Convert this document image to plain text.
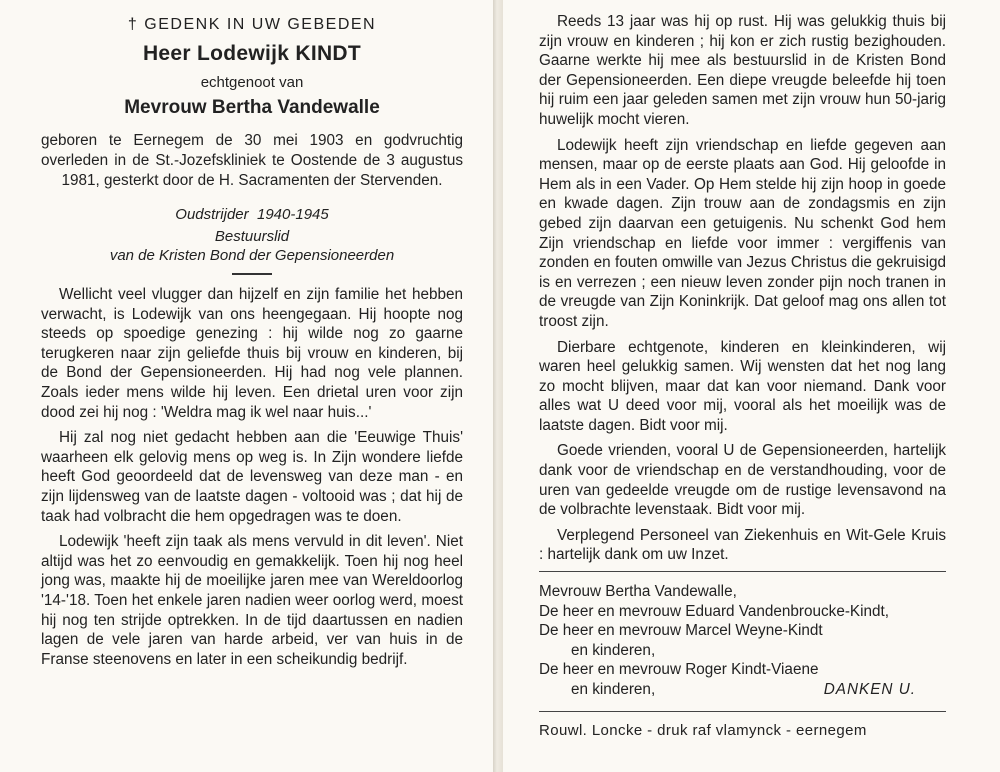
† GEDENK IN UW GEBEDEN
Heer Lodewijk KINDT
echtgenoot van
Mevrouw Bertha Vandewalle
geboren te Eernegem de 30 mei 1903 en godvruchtig overleden in de St.-Jozefskliniek te Oostende de 3 augustus 1981, gesterkt door de H. Sacramenten der Stervenden.
Oudstrijder 1940-1945
Bestuurslid
van de Kristen Bond der Gepensioneerden

Wellicht veel vlugger dan hijzelf en zijn familie het hebben verwacht, is Lodewijk van ons heengegaan. Hij hoopte nog steeds op spoedige genezing : hij wilde nog zo gaarne terugkeren naar zijn geliefde thuis bij vrouw en kinderen, bij de Bond der Gepensioneerden. Hij had nog vele plannen. Zoals ieder mens wilde hij leven. Een drietal uren voor zijn dood zei hij nog : 'Weldra mag ik wel naar huis...'

Hij zal nog niet gedacht hebben aan die 'Eeuwige Thuis' waarheen elk gelovig mens op weg is. In Zijn wondere liefde heeft God geoordeeld dat de levensweg van deze man - en zijn lijdensweg van de laatste dagen - voltooid was ; dat hij de taak had volbracht die hem opgedragen was te doen.

Lodewijk 'heeft zijn taak als mens vervuld in dit leven'. Niet altijd was het zo eenvoudig en gemakkelijk. Toen hij nog heel jong was, maakte hij de moeilijke jaren mee van Wereldoorlog '14-'18. Toen het enkele jaren nadien weer oorlog werd, moest hij nog ten strijde optrekken. In de tijd daartussen en nadien lagen de vele jaren van harde arbeid, ver van huis in de Franse steenovens en later in een scheikundig bedrijf.

Reeds 13 jaar was hij op rust. Hij was gelukkig thuis bij zijn vrouw en kinderen ; hij kon er zich rustig bezighouden. Gaarne werkte hij mee als bestuurslid in de Kristen Bond der Gepensioneerden. Een diepe vreugde beleefde hij toen hij ruim een jaar geleden samen met zijn vrouw hun 50-jarig huwelijk mocht vieren.

Lodewijk heeft zijn vriendschap en liefde gegeven aan mensen, maar op de eerste plaats aan God. Hij geloofde in Hem als in een Vader. Op Hem stelde hij zijn hoop in goede en kwade dagen. Zijn trouw aan de zondagsmis en zijn gebed zijn daarvan een getuigenis. Nu schenkt God hem Zijn vriendschap en liefde voor immer : vergiffenis van zonden en fouten omwille van Jezus Christus die gekruisigd is en verrezen ; een nieuw leven zonder pijn noch tranen in de vreugde van Zijn Koninkrijk. Dat geloof mag ons allen tot troost zijn.

Dierbare echtgenote, kinderen en kleinkinderen, wij waren heel gelukkig samen. Wij wensten dat het nog lang zo mocht blijven, maar dat kan voor niemand. Dank voor alles wat U deed voor mij, vooral als het moeilijk was de laatste dagen. Bidt voor mij.

Goede vrienden, vooral U de Gepensioneerden, hartelijk dank voor de vriendschap en de verstandhouding, voor de uren van gedeelde vreugde om de rustige levensavond na de volbrachte levenstaak. Bidt voor mij.

Verplegend Personeel van Ziekenhuis en Wit-Gele Kruis : hartelijk dank om uw Inzet.

Mevrouw Bertha Vandewalle,
De heer en mevrouw Eduard Vandenbroucke-Kindt,
De heer en mevrouw Marcel Weyne-Kindt
en kinderen,
De heer en mevrouw Roger Kindt-Viaene
en kinderen,	DANKEN U.
Rouwl. Loncke - druk raf vlamynck - eernegem
